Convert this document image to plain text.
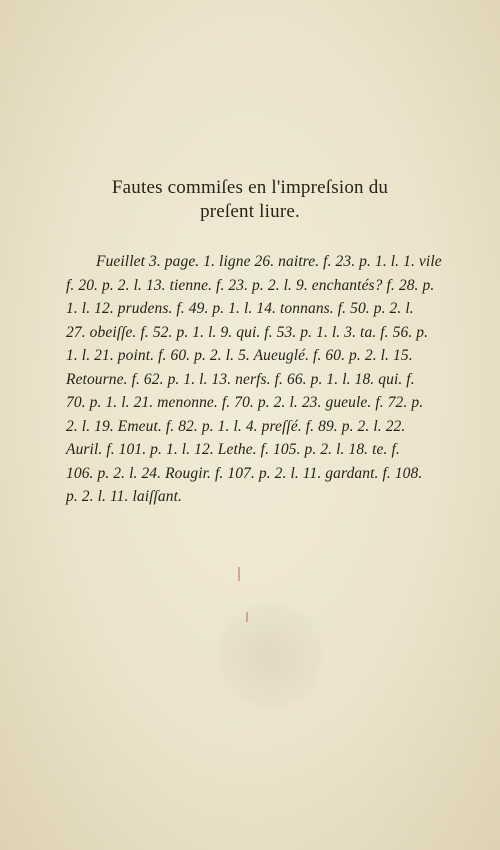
Fautes commiſes en l'impreſsion du
preſent liure.
Fueillet 3. page. 1. ligne 26. naitre. f. 23. p. 1. l. 1. vile
f. 20. p. 2. l. 13. tienne. f. 23. p. 2. l. 9. enchantés? f. 28. p.
1. l. 12. prudens. f. 49. p. 1. l. 14. tonnans. f. 50. p. 2. l.
27. obeiſſe. f. 52. p. 1. l. 9. qui. f. 53. p. 1. l. 3. ta. f. 56. p.
1. l. 21. point. f. 60. p. 2. l. 5. Aueuglé. f. 60. p. 2. l. 15.
Retourne. f. 62. p. 1. l. 13. nerfs. f. 66. p. 1. l. 18. qui. f.
70. p. 1. l. 21. menonne. f. 70. p. 2. l. 23. gueule. f. 72. p.
2. l. 19. Emeut. f. 82. p. 1. l. 4. preſſé. f. 89. p. 2. l. 22.
Auril. f. 101. p. 1. l. 12. Lethe. f. 105. p. 2. l. 18. te. f.
106. p. 2. l. 24. Rougir. f. 107. p. 2. l. 11. gardant. f. 108.
p. 2. l. 11. laiſſant.
